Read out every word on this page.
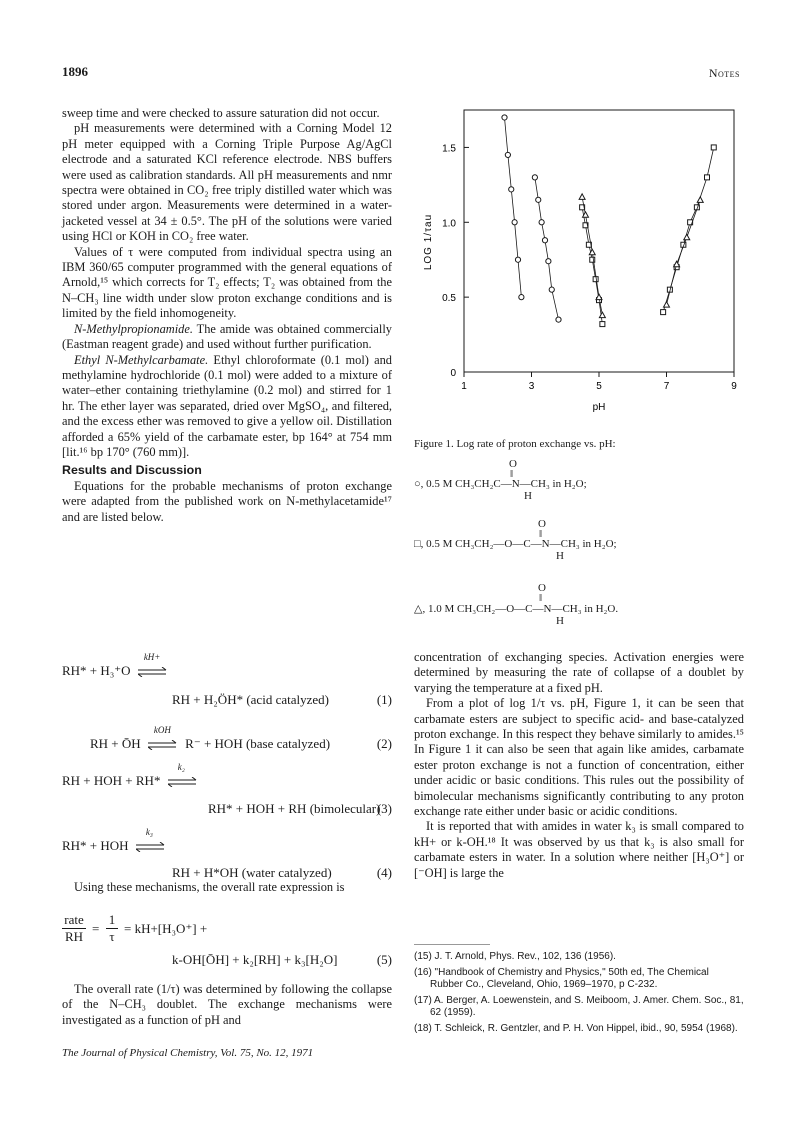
1896	Notes

sweep time and were checked to assure saturation did not occur.

pH measurements were determined with a Corning Model 12 pH meter equipped with a Corning Triple Purpose Ag/AgCl electrode and a saturated KCl reference electrode. NBS buffers were used as calibration standards. All pH measurements and nmr spectra were obtained in CO₂ free triply distilled water which was stored under argon. Measurements were determined in a water-jacketed vessel at 34 ± 0.5°. The pH of the solutions were varied using HCl or KOH in CO₂ free water.

Values of τ were computed from individual spectra using an IBM 360/65 computer programmed with the general equations of Arnold,¹⁵ which corrects for T₂ effects; T₂ was obtained from the N–CH₃ line width under slow proton exchange conditions and is limited by the field inhomogeneity.

N-Methylpropionamide. The amide was obtained commercially (Eastman reagent grade) and used without further purification.

Ethyl N-Methylcarbamate. Ethyl chloroformate (0.1 mol) and methylamine hydrochloride (0.1 mol) were added to a mixture of water–ether containing triethylamine (0.2 mol) and stirred for 1 hr. The ether layer was separated, dried over MgSO₄, and filtered, and the excess ether was removed to give a yellow oil. Distillation afforded a 65% yield of the carbamate ester, bp 164° at 754 mm [lit.¹⁶ bp 170° (760 mm)].

Results and Discussion

Equations for the probable mechanisms of proton exchange were adapted from the published work on N-methylacetamide¹⁷ and are listed below.

RH* + H₃⁺O
kH+
RH + H₂ÖH* (acid catalyzed)	(1)
RH + ŌH
kOH
R⁻ + HOH (base catalyzed)	(2)
RH + HOH + RH*
k₂
RH* + HOH + RH (bimolecular)
(3)
RH* + HOH
k₃
RH + H*OH (water catalyzed)	(4)

Using these mechanisms, the overall rate expression is

rate
RH
= $\frac{1}{\tau} = kH+[H_3O^+]$ +
k-OH[ŌH] + k₂[RH] + k₃[H₂O]	(5)

The overall rate (1/τ) was determined by following the collapse of the N–CH₃ doublet. The exchange mechanisms were investigated as a function of pH and

LOG 1/τau
pH
1	3	5	7	9
0
0.5
1.0
1.5
Figure 1. Log rate of proton exchange vs. pH:
O
‖
○, 0.5 M CH₃CH₂C—N—CH₃ in H₂O;
H
O
‖
□, 0.5 M CH₃CH₂—O—C—N—CH₃ in H₂O;
H
O
‖
△, 1.0 M CH₃CH₂—O—C—N—CH₃ in H₂O.
H

concentration of exchanging species. Activation energies were determined by measuring the rate of collapse of a doublet by varying the temperature at a fixed pH.

From a plot of log 1/τ vs. pH, Figure 1, it can be seen that carbamate esters are subject to specific acid- and base-catalyzed proton exchange. In this respect they behave similarly to amides.¹⁵ In Figure 1 it can also be seen that again like amides, carbamate ester proton exchange is not a function of concentration, either under acidic or basic conditions. This rules out the possibility of bimolecular mechanisms significantly contributing to any proton exchange rate either under basic or acidic conditions.

It is reported that with amides in water k₃ is small compared to kH+ or k-OH.¹⁸ It was observed by us that k₃ is also small for carbamate esters in water. In a solution where neither [H₃O⁺] or [⁻OH] is large the

(15) J. T. Arnold, Phys. Rev., 102, 136 (1956).
(16) "Handbook of Chemistry and Physics," 50th ed, The Chemical Rubber Co., Cleveland, Ohio, 1969–1970, p C-232.
(17) A. Berger, A. Loewenstein, and S. Meiboom, J. Amer. Chem. Soc., 81, 62 (1959).
(18) T. Schleick, R. Gentzler, and P. H. Von Hippel, ibid., 90, 5954 (1968).
The Journal of Physical Chemistry, Vol. 75, No. 12, 1971
